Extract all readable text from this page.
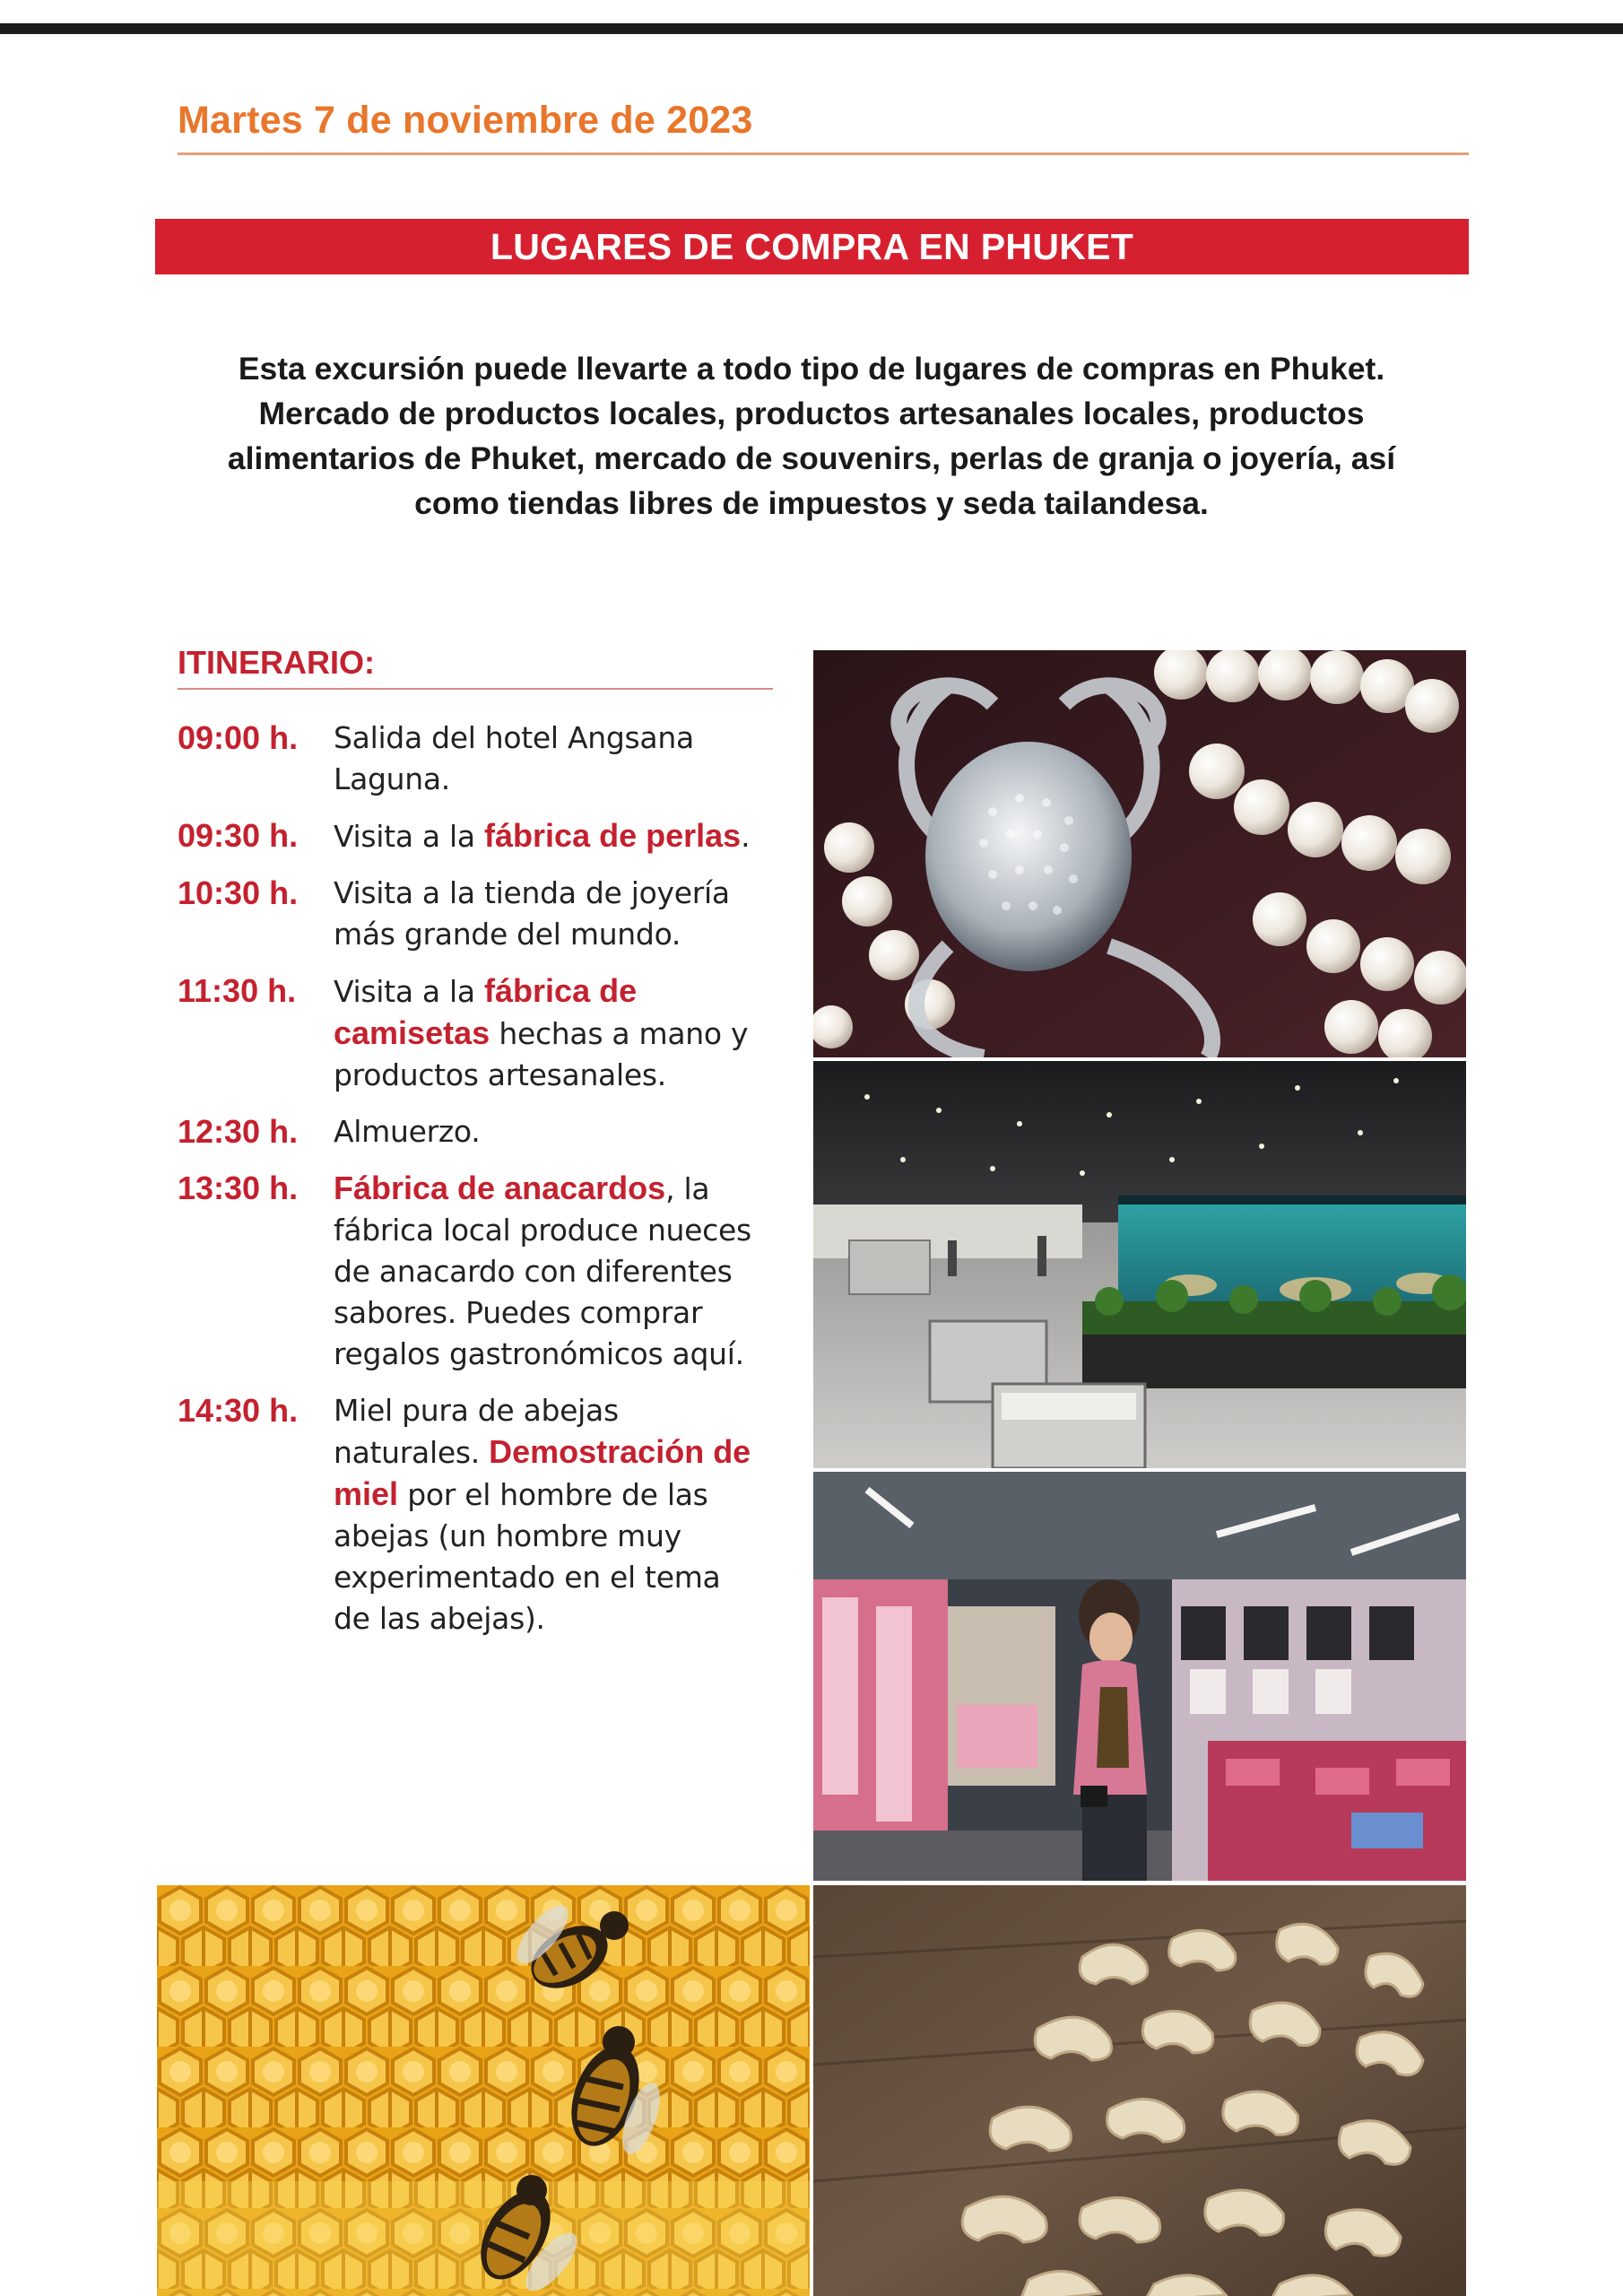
Martes 7 de noviembre de 2023
LUGARES DE COMPRA EN PHUKET

Esta excursión puede llevarte a todo tipo de lugares de compras en Phuket.
Mercado de productos locales, productos artesanales locales, productos
alimentarios de Phuket, mercado de souvenirs, perlas de granja o joyería, así
como tiendas libres de impuestos y seda tailandesa.

ITINERARIO:
09:00 h.	Salida del hotel Angsana Laguna.
09:30 h.	Visita a la fábrica de perlas.
10:30 h.	Visita a la tienda de joyería más grande del mundo.
11:30 h.	Visita a la fábrica de camisetas hechas a mano y productos artesanales.
12:30 h.	Almuerzo.
13:30 h.	Fábrica de anacardos, la fábrica local produce nueces de anacardo con diferentes sabores. Puedes comprar regalos gastronómicos aquí.
14:30 h.	Miel pura de abejas naturales. Demostración de miel por el hombre de las abejas (un hombre muy experimentado en el tema de las abejas).
